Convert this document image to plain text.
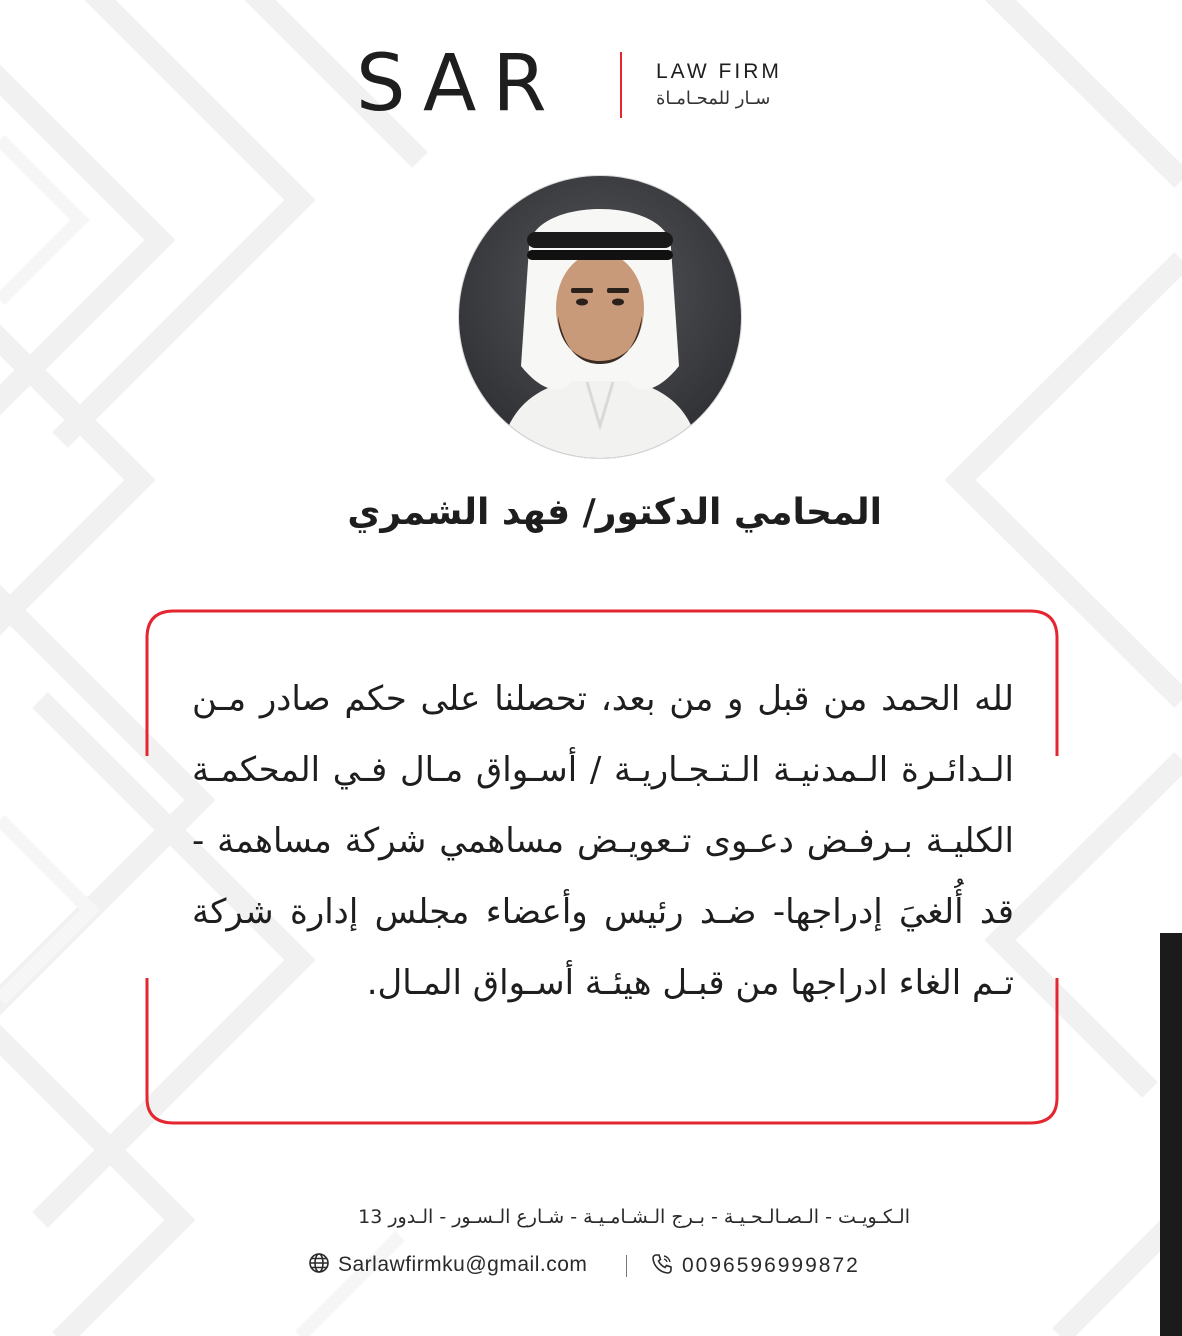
SAR	LAW FIRM
سـار للمحـامـاة
المحامي الدكتور/ فهد الشمري
لله الحمد من قبل و من بعد، تحصلنا على حكم صادر مـن الـدائـرة الـمدنيـة الـتـجـاريـة / أسـواق مـال فـي المحكمـة الكليـة بـرفـض دعـوى تـعويـض مساهمي شركة مساهمة - قد أُلغيَ إدراجها- ضـد رئيس وأعضاء مجلس إدارة شركة تـم الغاء ادراجها من قبـل هيئـة أسـواق المـال.
الـكـويـت - الـصـالـحـيـة - بـرج الـشـامـيـة - شـارع الـسـور - الـدور 13
Sarlawfirmku@gmail.com	0096596999872
